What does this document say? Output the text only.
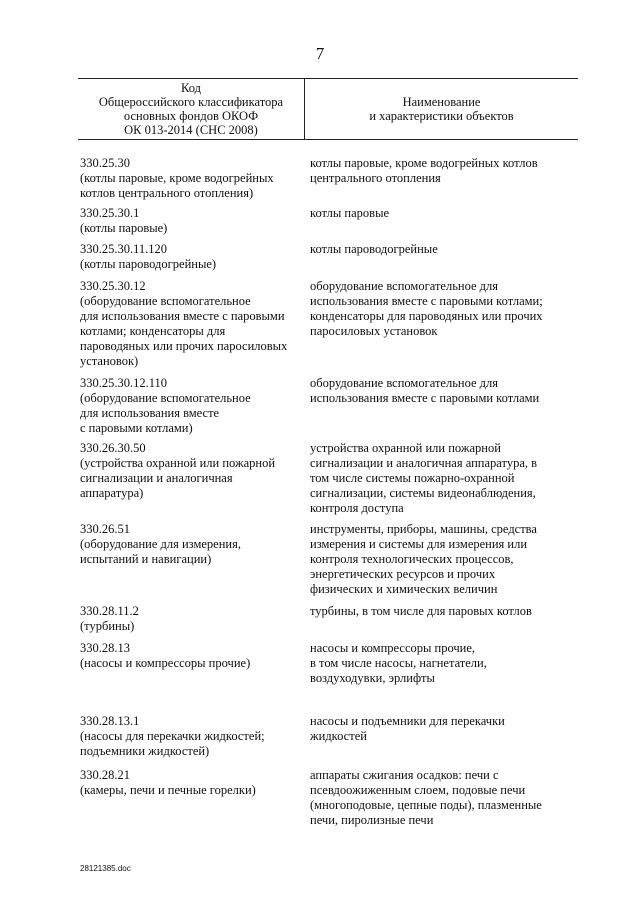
7
Код
Общероссийского классификатора
основных фондов ОКОФ
ОК 013-2014 (СНС 2008)
Наименование
и характеристики объектов
330.25.30
(котлы паровые, кроме водогрейных
котлов центрального отопления)
котлы паровые, кроме водогрейных котлов
центрального отопления
330.25.30.1
(котлы паровые)
котлы паровые
330.25.30.11.120
(котлы пароводогрейные)
котлы пароводогрейные
330.25.30.12
(оборудование вспомогательное
для использования вместе с паровыми
котлами; конденсаторы для
пароводяных или прочих паросиловых
установок)
оборудование вспомогательное для
использования вместе с паровыми котлами;
конденсаторы для пароводяных или прочих
паросиловых установок
330.25.30.12.110
(оборудование вспомогательное
для использования вместе
с паровыми котлами)
оборудование вспомогательное для
использования вместе с паровыми котлами
330.26.30.50
(устройства охранной или пожарной
сигнализации и аналогичная
аппаратура)
устройства охранной или пожарной
сигнализации и аналогичная аппаратура, в
том числе системы пожарно-охранной
сигнализации, системы видеонаблюдения,
контроля доступа
330.26.51
(оборудование для измерения,
испытаний и навигации)
инструменты, приборы, машины, средства
измерения и системы для измерения или
контроля технологических процессов,
энергетических ресурсов и прочих
физических и химических величин
330.28.11.2
(турбины)
турбины, в том числе для паровых котлов
330.28.13
(насосы и компрессоры прочие)
насосы и компрессоры прочие,
в том числе насосы, нагнетатели,
воздуходувки, эрлифты
330.28.13.1
(насосы для перекачки жидкостей;
подъемники жидкостей)
насосы и подъемники для перекачки
жидкостей
330.28.21
(камеры, печи и печные горелки)
аппараты сжигания осадков: печи с
псевдоожиженным слоем, подовые печи
(многоподовые, цепные поды), плазменные
печи, пиролизные печи
28121385.doc
